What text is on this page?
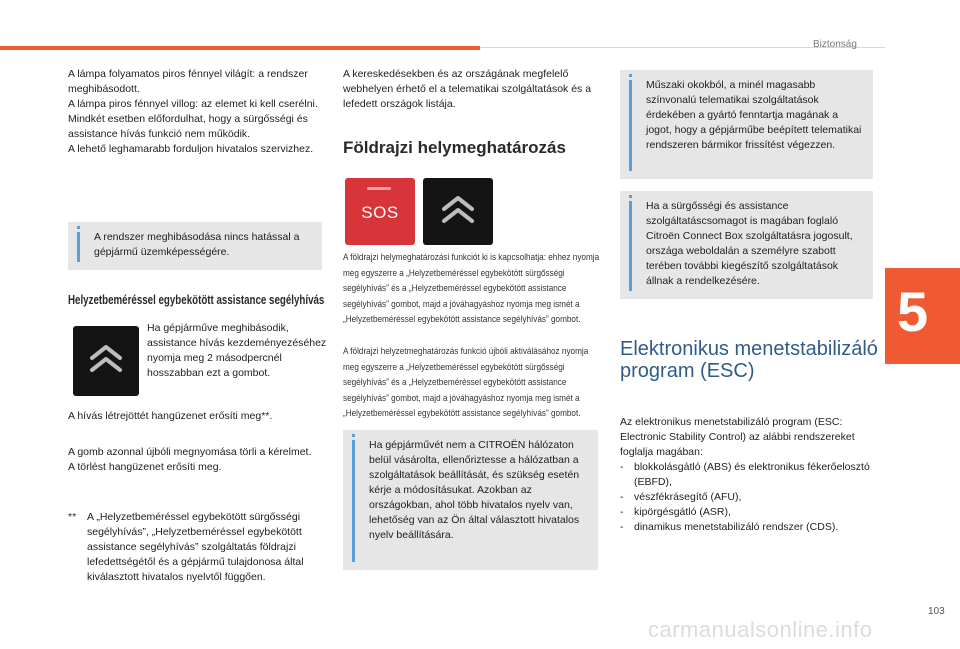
Biztonság
5

A lámpa folyamatos piros fénnyel világít: a rendszer meghibásodott.

A lámpa piros fénnyel villog: az elemet ki kell cserélni.

Mindkét esetben előfordulhat, hogy a sürgősségi és assistance hívás funkció nem működik.

A lehető leghamarabb forduljon hivatalos szervizhez.

A rendszer meghibásodása nincs hatással a gépjármű üzemképességére.
Helyzetbeméréssel egybekötött assistance segélyhívás
Ha gépjárműve meghibásodik, assistance hívás kezdeményezéséhez nyomja meg 2 másodpercnél hosszabban ezt a gombot.
A hívás létrejöttét hangüzenet erősíti meg**.

A gomb azonnal újbóli megnyomása törli a kérelmet.

A törlést hangüzenet erősíti meg.

** A „Helyzetbeméréssel egybekötött sürgősségi segélyhívás”, „Helyzetbeméréssel egybekötött assistance segélyhívás” szolgáltatás földrajzi lefedettségétől és a gépjármű tulajdonosa által kiválasztott hivatalos nyelvtől függően.
A kereskedésekben és az országának megfelelő webhelyen érhető el a telematikai szolgáltatások és a lefedett országok listája.
Földrajzi helymeghatározás
SOS

A földrajzi helymeghatározási funkciót ki is kapcsolhatja: ehhez nyomja meg egyszerre a „Helyzetbeméréssel egybekötött sürgősségi segélyhívás” és a „Helyzetbeméréssel egybekötött assistance segélyhívás” gombot, majd a jóváhagyáshoz nyomja meg ismét a „Helyzetbeméréssel egybekötött assistance segélyhívás” gombot.

A földrajzi helyzetmeghatározás funkció újbóli aktiválásához nyomja meg egyszerre a „Helyzetbeméréssel egybekötött sürgősségi segélyhívás” és a „Helyzetbeméréssel egybekötött assistance segélyhívás” gombot, majd a jóváhagyáshoz nyomja meg ismét a „Helyzetbeméréssel egybekötött assistance segélyhívás” gombot.

Ha gépjárművét nem a CITROËN hálózaton belül vásárolta, ellenőriztesse a hálózatban a szolgáltatások beállítását, és szükség esetén kérje a módosításukat. Azokban az országokban, ahol több hivatalos nyelv van, lehetőség van az Ön által választott hivatalos nyelv beállítására.
Műszaki okokból, a minél magasabb színvonalú telematikai szolgáltatások érdekében a gyártó fenntartja magának a jogot, hogy a gépjárműbe beépített telematikai rendszeren bármikor frissítést végezzen.
Ha a sürgősségi és assistance szolgáltatáscsomagot is magában foglaló Citroën Connect Box szolgáltatásra jogosult, országa weboldalán a személyre szabott terében további kiegészítő szolgáltatások állnak a rendelkezésére.
Elektronikus menetstabilizáló program (ESC)

Az elektronikus menetstabilizáló program (ESC: Electronic Stability Control) az alábbi rendszereket foglalja magában:

- blokkolásgátló (ABS) és elektronikus fékerőelosztó (EBFD),
- vészfékrásegítő (AFU),
- kipörgésgátló (ASR),
- dinamikus menetstabilizáló rendszer (CDS).
103
carmanualsonline.info
